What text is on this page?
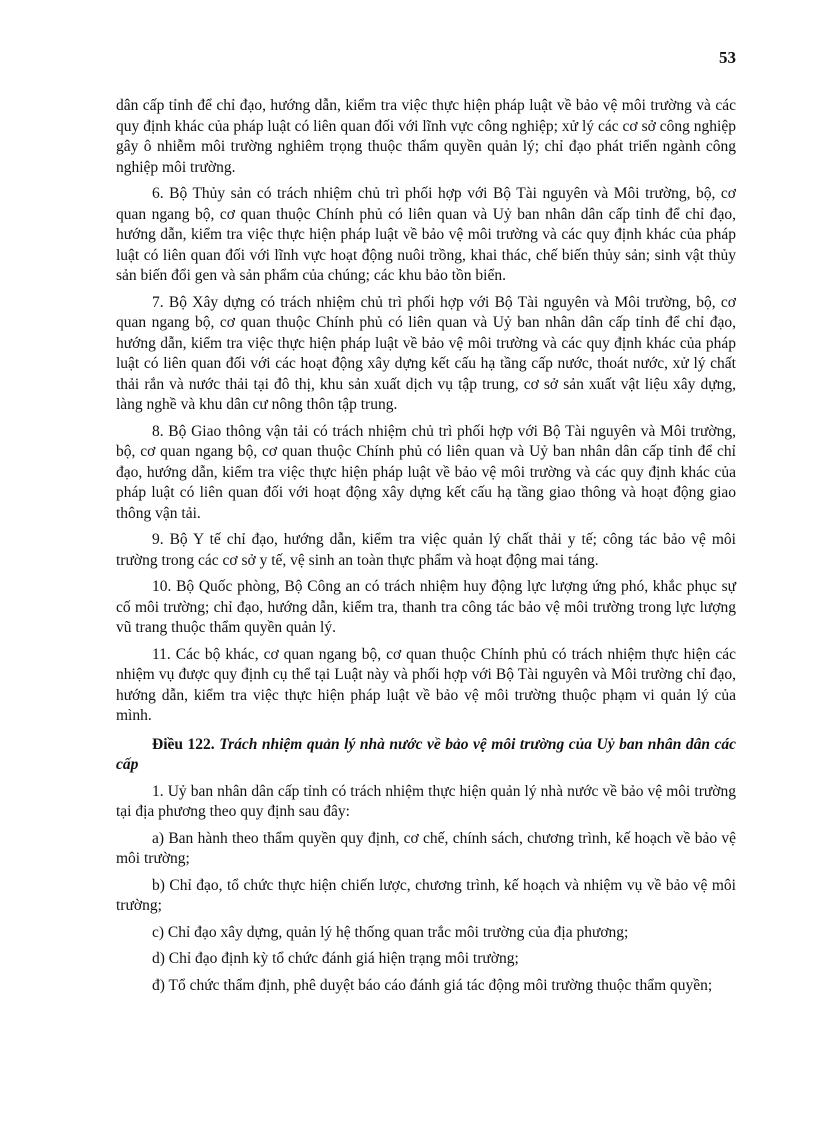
53

dân cấp tỉnh để chỉ đạo, hướng dẫn, kiểm tra việc thực hiện pháp luật về bảo vệ môi trường và các quy định khác của pháp luật có liên quan đối với lĩnh vực công nghiệp; xử lý các cơ sở công nghiệp gây ô nhiễm môi trường nghiêm trọng thuộc thẩm quyền quản lý; chỉ đạo phát triển ngành công nghiệp môi trường.

6. Bộ Thủy sản có trách nhiệm chủ trì phối hợp với Bộ Tài nguyên và Môi trường, bộ, cơ quan ngang bộ, cơ quan thuộc Chính phủ có liên quan và Uỷ ban nhân dân cấp tỉnh để chỉ đạo, hướng dẫn, kiểm tra việc thực hiện pháp luật về bảo vệ môi trường và các quy định khác của pháp luật có liên quan đối với lĩnh vực hoạt động nuôi trồng, khai thác, chế biến thủy sản; sinh vật thủy sản biến đổi gen và sản phẩm của chúng; các khu bảo tồn biển.

7. Bộ Xây dựng có trách nhiệm chủ trì phối hợp với Bộ Tài nguyên và Môi trường, bộ, cơ quan ngang bộ, cơ quan thuộc Chính phủ có liên quan và Uỷ ban nhân dân cấp tỉnh để chỉ đạo, hướng dẫn, kiểm tra việc thực hiện pháp luật về bảo vệ môi trường và các quy định khác của pháp luật có liên quan đối với các hoạt động xây dựng kết cấu hạ tầng cấp nước, thoát nước, xử lý chất thải rắn và nước thải tại đô thị, khu sản xuất dịch vụ tập trung, cơ sở sản xuất vật liệu xây dựng, làng nghề và khu dân cư nông thôn tập trung.

8. Bộ Giao thông vận tải có trách nhiệm chủ trì phối hợp với Bộ Tài nguyên và Môi trường, bộ, cơ quan ngang bộ, cơ quan thuộc Chính phủ có liên quan và Uỷ ban nhân dân cấp tỉnh để chỉ đạo, hướng dẫn, kiểm tra việc thực hiện pháp luật về bảo vệ môi trường và các quy định khác của pháp luật có liên quan đối với hoạt động xây dựng kết cấu hạ tầng giao thông và hoạt động giao thông vận tải.

9. Bộ Y tế chỉ đạo, hướng dẫn, kiểm tra việc quản lý chất thải y tế; công tác bảo vệ môi trường trong các cơ sở y tế, vệ sinh an toàn thực phẩm và hoạt động mai táng.

10. Bộ Quốc phòng, Bộ Công an có trách nhiệm huy động lực lượng ứng phó, khắc phục sự cố môi trường; chỉ đạo, hướng dẫn, kiểm tra, thanh tra công tác bảo vệ môi trường trong lực lượng vũ trang thuộc thẩm quyền quản lý.

11. Các bộ khác, cơ quan ngang bộ, cơ quan thuộc Chính phủ có trách nhiệm thực hiện các nhiệm vụ được quy định cụ thể tại Luật này và phối hợp với Bộ Tài nguyên và Môi trường chỉ đạo, hướng dẫn, kiểm tra việc thực hiện pháp luật về bảo vệ môi trường thuộc phạm vi quản lý của mình.

Điều 122. Trách nhiệm quản lý nhà nước về bảo vệ môi trường của Uỷ ban nhân dân các cấp

1. Uỷ ban nhân dân cấp tỉnh có trách nhiệm thực hiện quản lý nhà nước về bảo vệ môi trường tại địa phương theo quy định sau đây:

a) Ban hành theo thẩm quyền quy định, cơ chế, chính sách, chương trình, kế hoạch về bảo vệ môi trường;

b) Chỉ đạo, tổ chức thực hiện chiến lược, chương trình, kế hoạch và nhiệm vụ về bảo vệ môi trường;

c) Chỉ đạo xây dựng, quản lý hệ thống quan trắc môi trường của địa phương;

d) Chỉ đạo định kỳ tổ chức đánh giá hiện trạng môi trường;

đ) Tổ chức thẩm định, phê duyệt báo cáo đánh giá tác động môi trường thuộc thẩm quyền;
